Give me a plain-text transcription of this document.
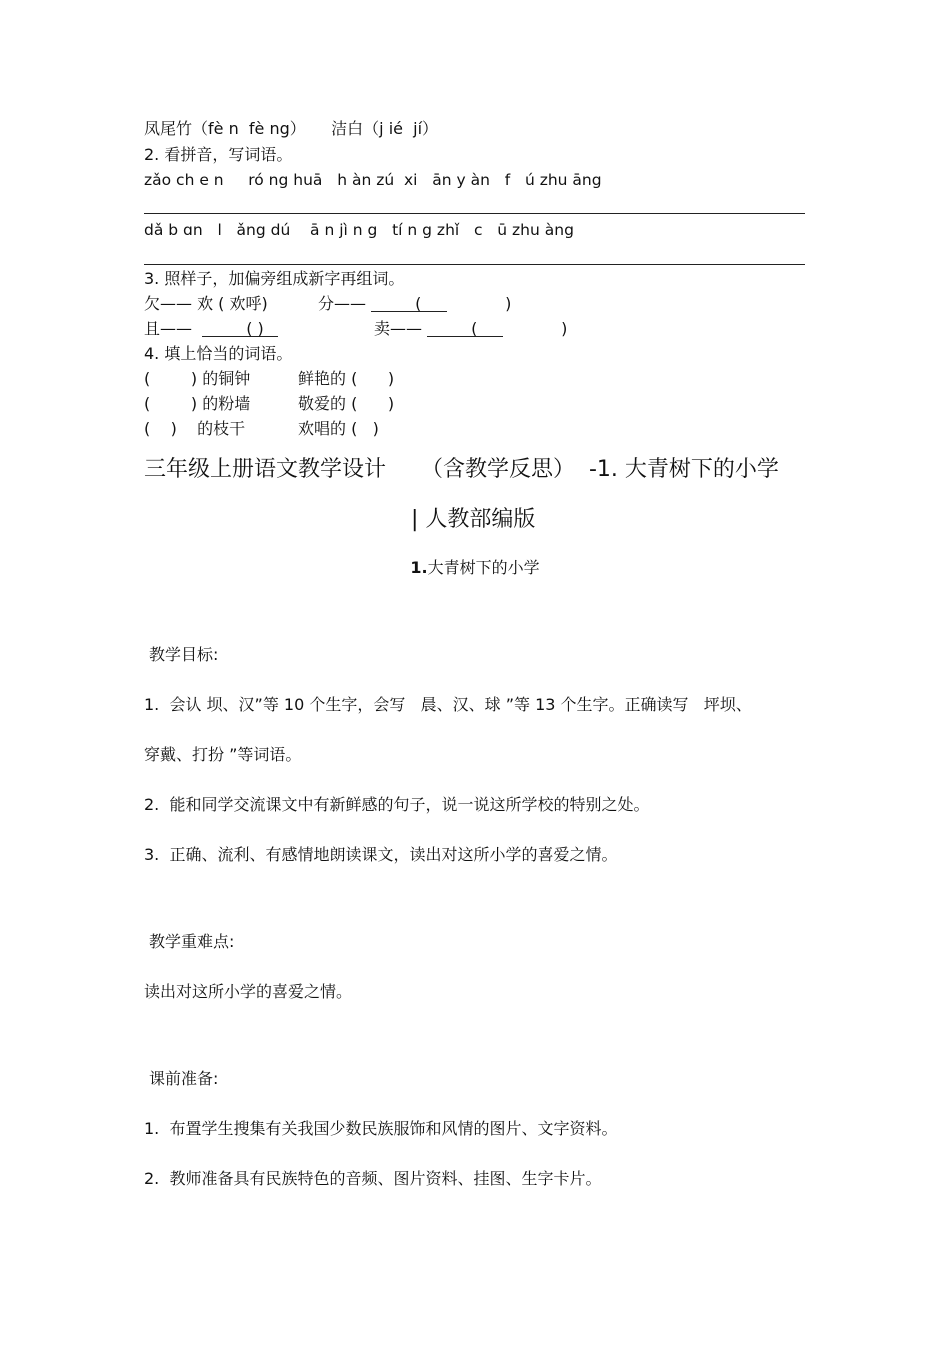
凤尾竹（fè n  fè ng）     洁白（j ié  jí）
2. 看拼音，写词语。
zǎo ch e n     ró ng huā   h àn zú  xi   ān y àn   f   ú zhu āng
dǎ b ɑn   l   ǎng dú    ā n jì n g   tí n g zhǐ   c   ū zhu àng
3. 照样子，加偏旁组成新字再组词。
欠—— 欢 ( 欢呼)	分——	(	)
且——	( )	卖——	(	)
4. 填上恰当的词语。
(        ) 的铜钟	鲜艳的 (      )
(        ) 的粉墙	敬爱的 (      )
(    )    的枝干	欢唱的 (   )
三年级上册语文教学设计     （含教学反思）  -1. 大青树下的小学
| 人教部编版
1.大青树下的小学
教学目标:
1.  会认 坝、汉”等 10 个生字，会写   晨、汉、球 ”等 13 个生字。正确读写   坪坝、
穿戴、打扮 ”等词语。
2.  能和同学交流课文中有新鲜感的句子，说一说这所学校的特别之处。
3.  正确、流利、有感情地朗读课文，读出对这所小学的喜爱之情。
教学重难点:
读出对这所小学的喜爱之情。
课前准备:
1.  布置学生搜集有关我国少数民族服饰和风情的图片、文字资料。
2.  教师准备具有民族特色的音频、图片资料、挂图、生字卡片。
